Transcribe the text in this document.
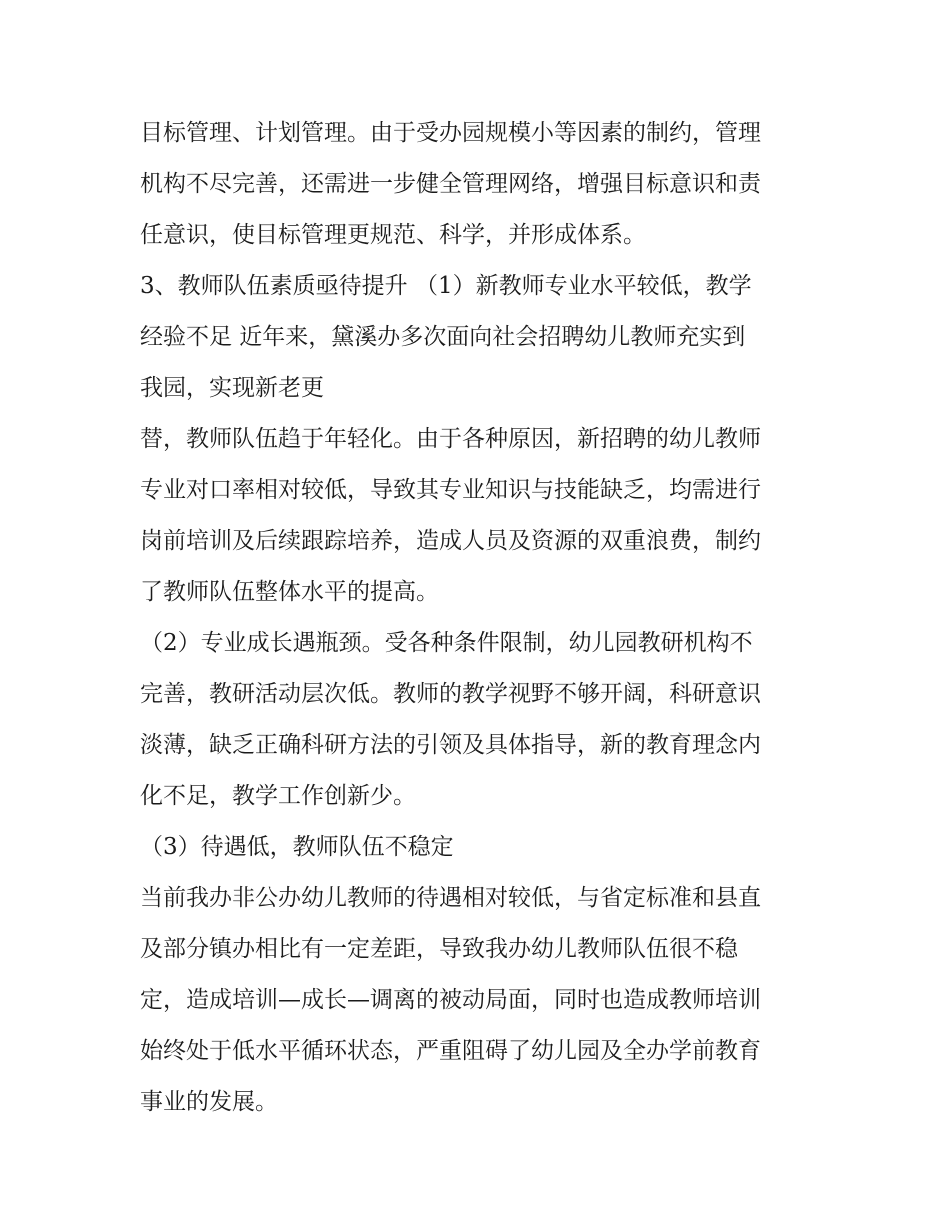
目标管理、计划管理。由于受办园规模小等因素的制约，管理
机构不尽完善，还需进一步健全管理网络，增强目标意识和责
任意识，使目标管理更规范、科学，并形成体系。
3、教师队伍素质亟待提升 （1）新教师专业水平较低，教学
经验不足 近年来，黛溪办多次面向社会招聘幼儿教师充实到
我园，实现新老更
替，教师队伍趋于年轻化。由于各种原因，新招聘的幼儿教师
专业对口率相对较低，导致其专业知识与技能缺乏，均需进行
岗前培训及后续跟踪培养，造成人员及资源的双重浪费，制约
了教师队伍整体水平的提高。
（2）专业成长遇瓶颈。受各种条件限制，幼儿园教研机构不
完善，教研活动层次低。教师的教学视野不够开阔，科研意识
淡薄，缺乏正确科研方法的引领及具体指导，新的教育理念内
化不足，教学工作创新少。
（3）待遇低，教师队伍不稳定
当前我办非公办幼儿教师的待遇相对较低，与省定标准和县直
及部分镇办相比有一定差距，导致我办幼儿教师队伍很不稳
定，造成培训—成长—调离的被动局面，同时也造成教师培训
始终处于低水平循环状态，严重阻碍了幼儿园及全办学前教育
事业的发展。
